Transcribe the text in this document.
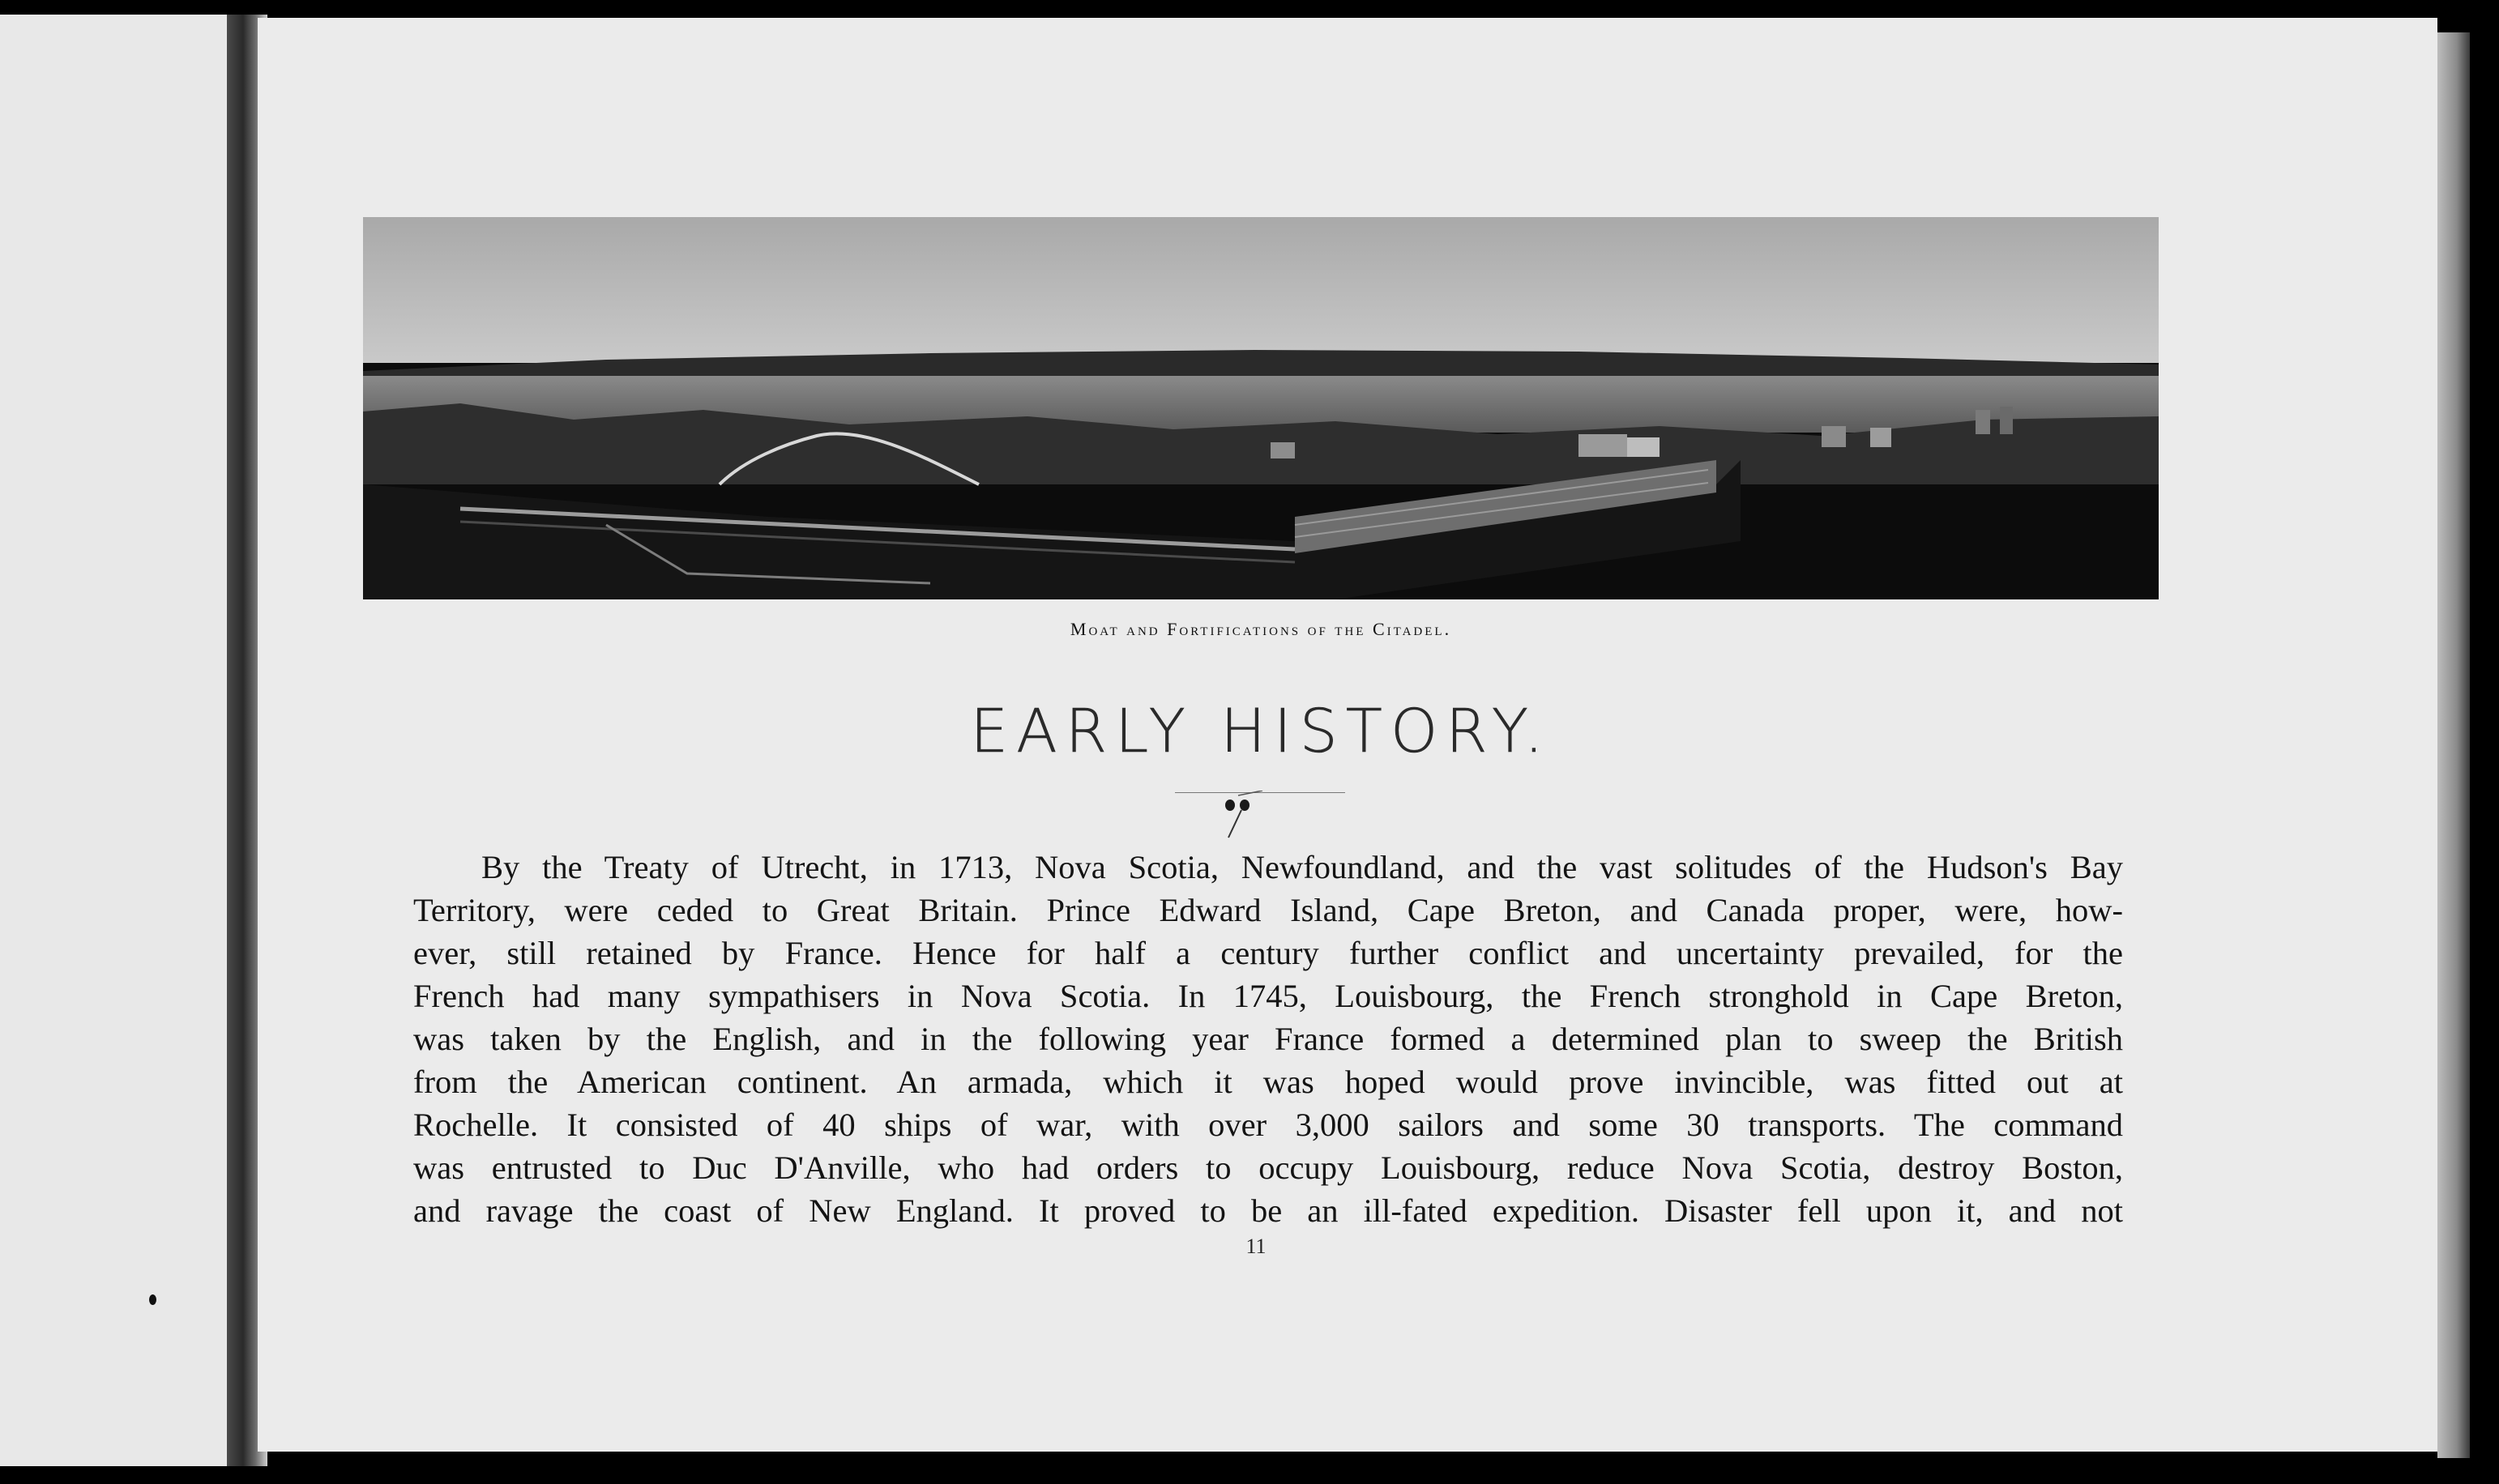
Moat and Fortifications of the Citadel.
EARLY HISTORY.
By the Treaty of Utrecht, in 1713, Nova Scotia, Newfoundland, and the vast solitudes of the Hudson's Bay
Territory, were ceded to Great Britain. Prince Edward Island, Cape Breton, and Canada proper, were, how-
ever, still retained by France. Hence for half a century further conflict and uncertainty prevailed, for the
French had many sympathisers in Nova Scotia. In 1745, Louisbourg, the French stronghold in Cape Breton,
was taken by the English, and in the following year France formed a determined plan to sweep the British
from the American continent. An armada, which it was hoped would prove invincible, was fitted out at
Rochelle. It consisted of 40 ships of war, with over 3,000 sailors and some 30 transports. The command
was entrusted to Duc D'Anville, who had orders to occupy Louisbourg, reduce Nova Scotia, destroy Boston,
and ravage the coast of New England. It proved to be an ill-fated expedition. Disaster fell upon it, and not
11
